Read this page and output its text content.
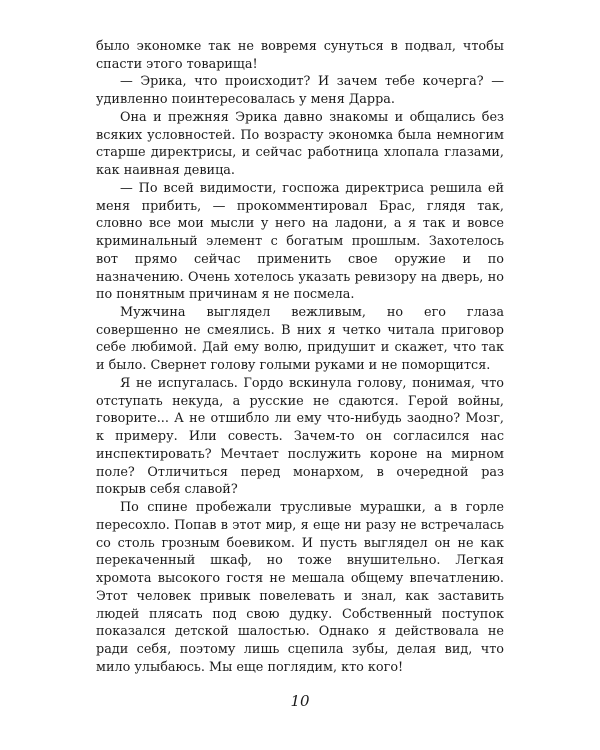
было экономке так не вовремя сунуться в подвал, чтобы спасти этого товарища!

— Эрика, что происходит? И зачем тебе кочерга? — удивленно поинтересовалась у меня Дарра.

Она и прежняя Эрика давно знакомы и общались без всяких условностей. По возрасту экономка была немногим старше директрисы, и сейчас работница хлопала глазами, как наивная девица.

— По всей видимости, госпожа директриса решила ей меня прибить, — прокомментировал Брас, глядя так, словно все мои мысли у него на ладони, а я так и вовсе криминальный элемент с богатым прошлым. Захотелось вот прямо сейчас применить свое оружие и по назначению. Очень хотелось указать ревизору на дверь, но по понятным причинам я не посмела.

Мужчина выглядел вежливым, но его глаза совершенно не смеялись. В них я четко читала приговор себе любимой. Дай ему волю, придушит и скажет, что так и было. Свернет голову голыми руками и не поморщится.

Я не испугалась. Гордо вскинула голову, понимая, что отступать некуда, а русские не сдаются. Герой войны, говорите... А не отшибло ли ему что-нибудь заодно? Мозг, к примеру. Или совесть. Зачем-то он согласился нас инспектировать? Мечтает послужить короне на мирном поле? Отличиться перед монархом, в очередной раз покрыв себя славой?

По спине пробежали трусливые мурашки, а в горле пересохло. Попав в этот мир, я еще ни разу не встречалась со столь грозным боевиком. И пусть выглядел он не как перекаченный шкаф, но тоже внушительно. Легкая хромота высокого гостя не мешала общему впечатлению. Этот человек привык повелевать и знал, как заставить людей плясать под свою дудку. Собственный поступок показался детской шалостью. Однако я действовала не ради себя, поэтому лишь сцепила зубы, делая вид, что мило улыбаюсь. Мы еще поглядим, кто кого!

10
